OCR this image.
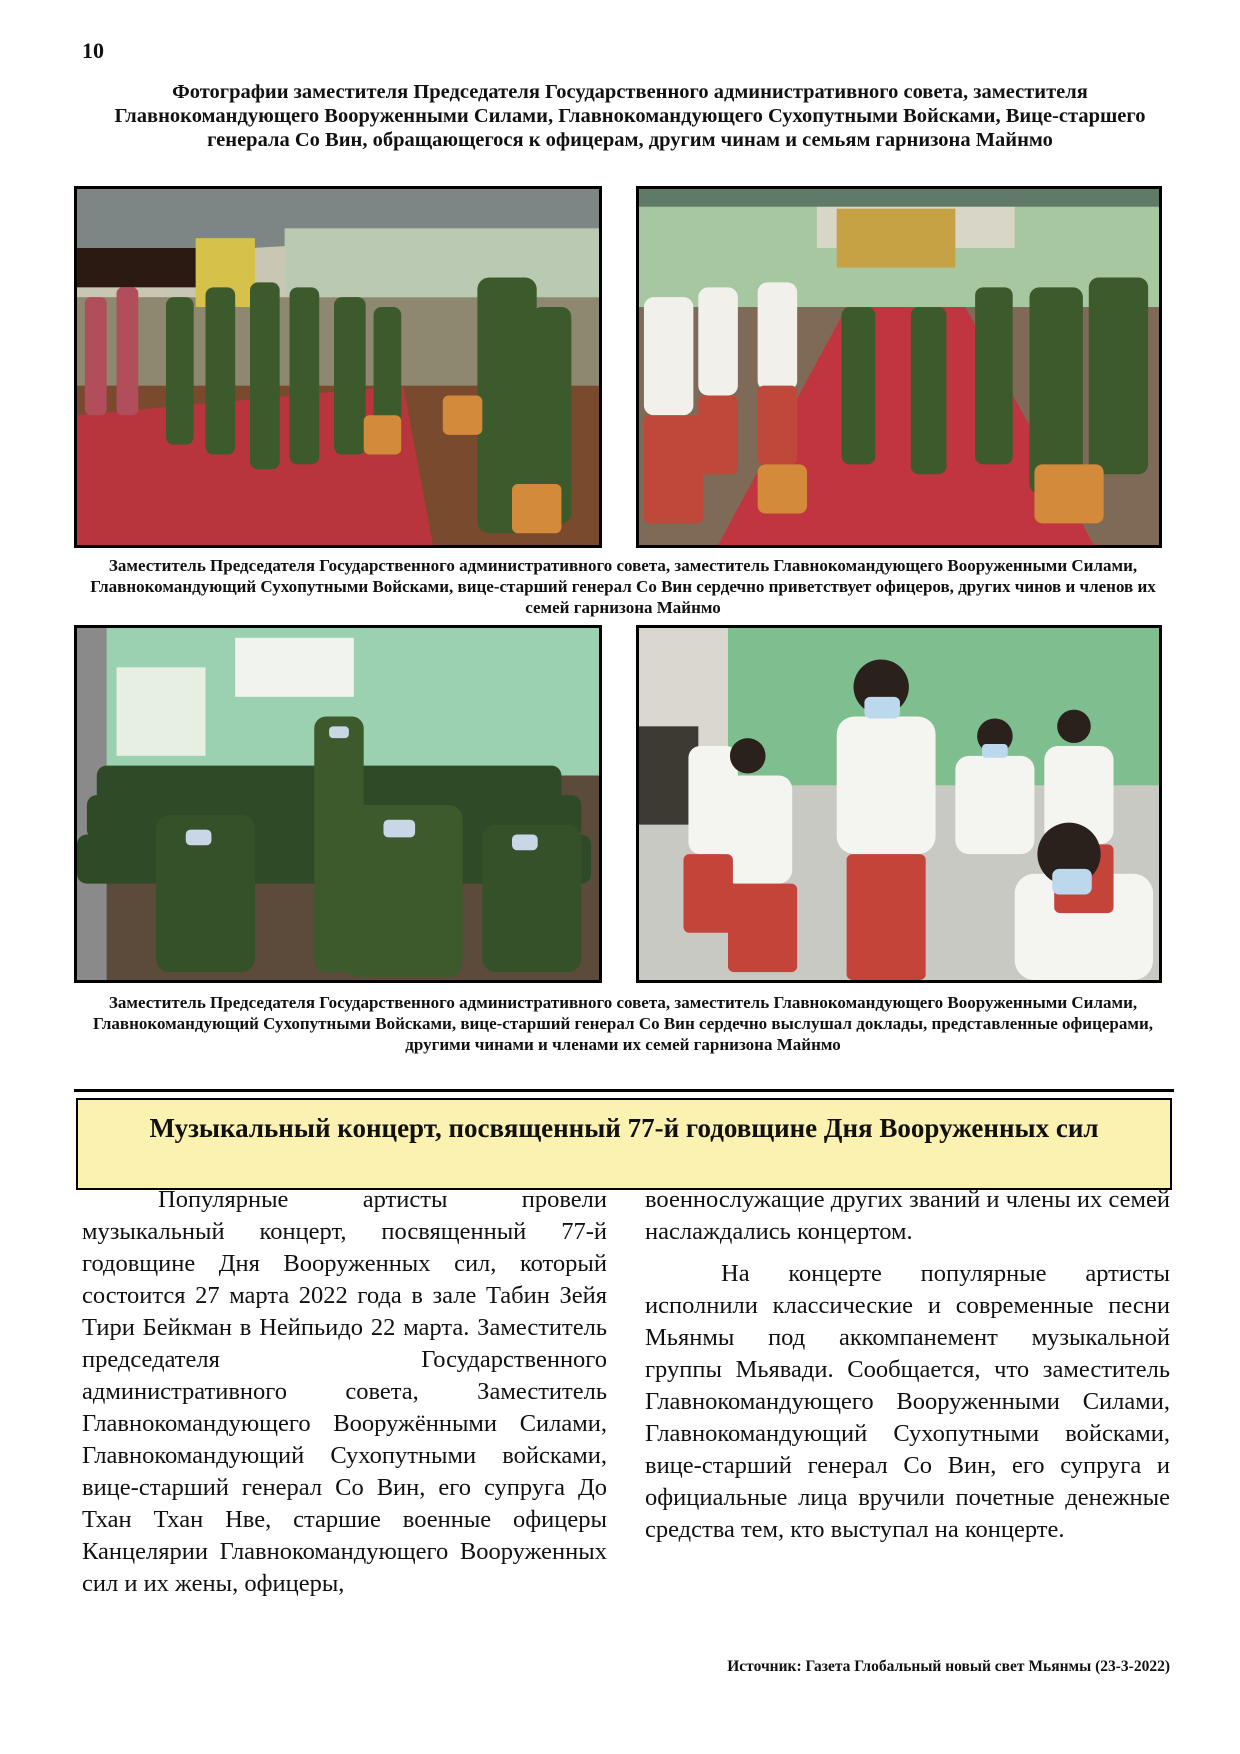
10
Фотографии заместителя Председателя Государственного административного совета, заместителя Главнокомандующего Вооруженными Силами, Главнокомандующего Сухопутными Войсками, Вице-старшего генерала Со Вин, обращающегося к офицерам, другим чинам и семьям гарнизона Майнмо
Заместитель Председателя Государственного административного совета, заместитель Главнокомандующего Вооруженными Силами, Главнокомандующий Сухопутными Войсками, вице-старший генерал Со Вин сердечно приветствует офицеров, других чинов и членов их семей гарнизона Майнмо
Заместитель Председателя Государственного административного совета, заместитель Главнокомандующего Вооруженными Силами, Главнокомандующий Сухопутными Войсками, вице-старший генерал Со Вин сердечно выслушал доклады, представленные офицерами, другими чинами и членами их семей гарнизона Майнмо
Музыкальный концерт, посвященный 77-й годовщине Дня Вооруженных сил

Популярные артисты провели музыкальный концерт, посвященный 77-й годовщине Дня Вооруженных сил, который состоится 27 марта 2022 года в зале Табин Зейя Тири Бейкман в Нейпьидо 22 марта. Заместитель председателя Государственного административного совета, Заместитель Главнокомандующего Вооружёнными Силами, Главнокомандующий Сухопутными войсками, вице-старший генерал Со Вин, его супруга До Тхан Тхан Нве, старшие военные офицеры Канцелярии Главнокомандующего Вооруженных сил и их жены, офицеры,

военнослужащие других званий и члены их семей наслаждались концертом.

На концерте популярные артисты исполнили классические и современные песни Мьянмы под аккомпанемент музыкальной группы Мьявади. Сообщается, что заместитель Главнокомандующего Вооруженными Силами, Главнокомандующий Сухопутными войсками, вице-старший генерал Со Вин, его супруга и официальные лица вручили почетные денежные средства тем, кто выступал на концерте.

Источник: Газета Глобальный новый свет Мьянмы (23-3-2022)
